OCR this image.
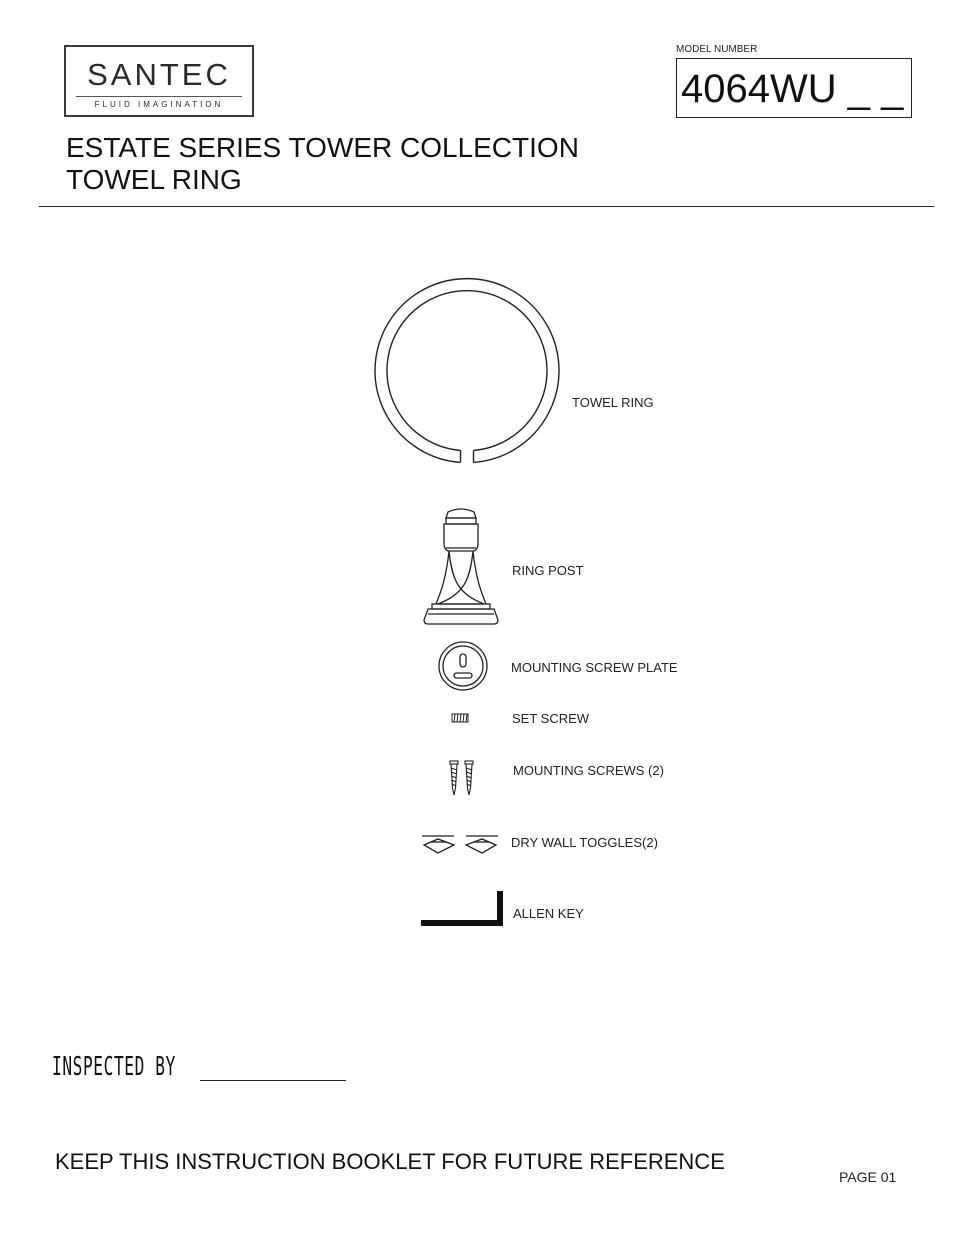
SANTEC
FLUID IMAGINATION
MODEL NUMBER
4064WU _ _
ESTATE SERIES TOWER COLLECTION
TOWEL RING
TOWEL RING
RING POST
MOUNTING SCREW PLATE
SET SCREW
MOUNTING SCREWS (2)
DRY WALL TOGGLES(2)
ALLEN KEY
INSPECTED BY
KEEP THIS INSTRUCTION BOOKLET FOR FUTURE REFERENCE
PAGE 01
